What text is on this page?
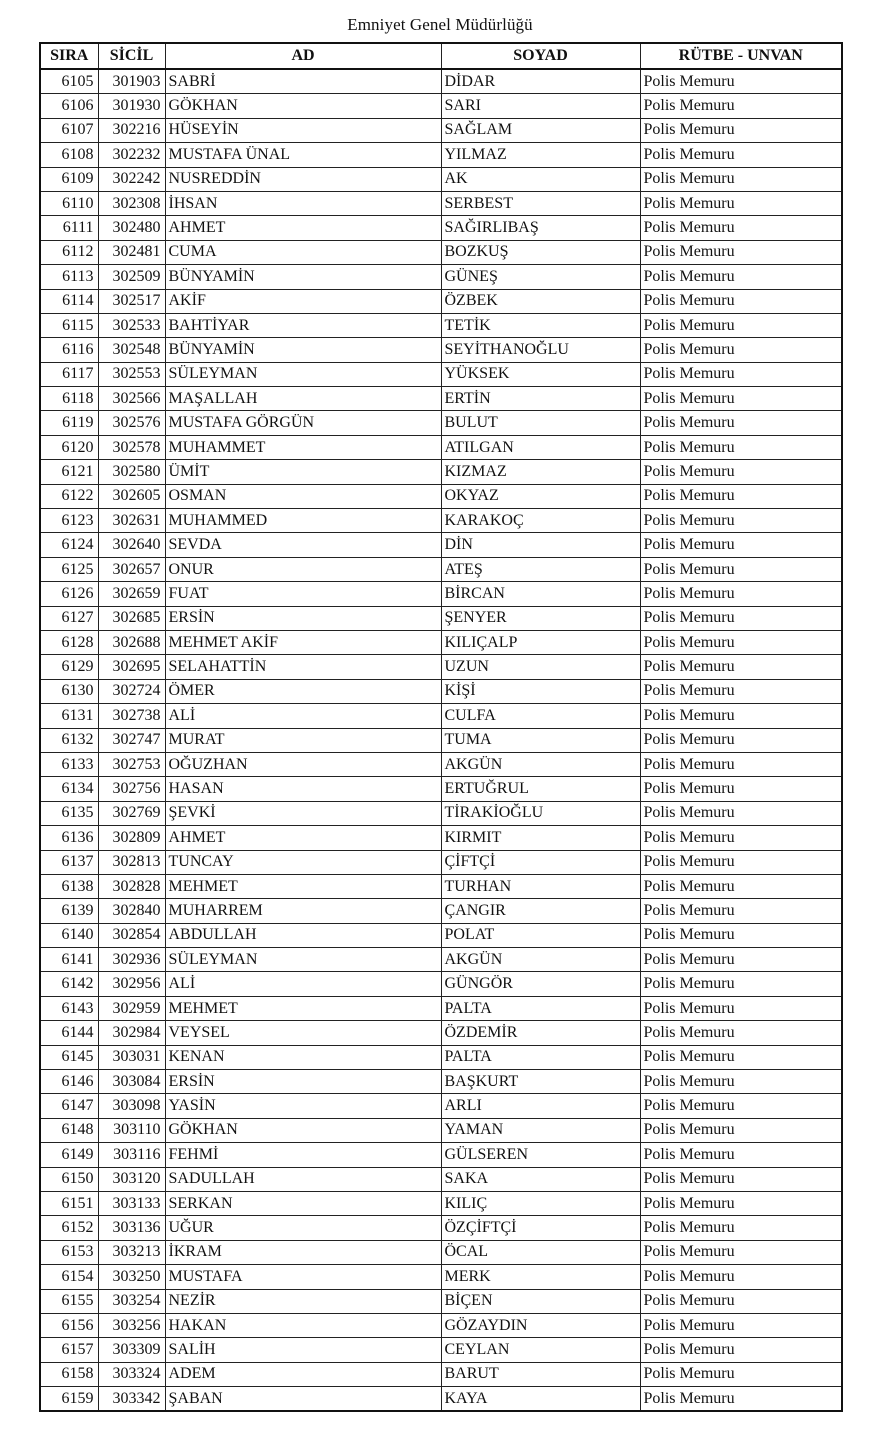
Emniyet Genel Müdürlüğü
SIRA	SİCİL	AD	SOYAD	RÜTBE - UNVAN
6105	301903	SABRİ	DİDAR	Polis Memuru
6106	301930	GÖKHAN	SARI	Polis Memuru
6107	302216	HÜSEYİN	SAĞLAM	Polis Memuru
6108	302232	MUSTAFA ÜNAL	YILMAZ	Polis Memuru
6109	302242	NUSREDDİN	AK	Polis Memuru
6110	302308	İHSAN	SERBEST	Polis Memuru
6111	302480	AHMET	SAĞIRLIBAŞ	Polis Memuru
6112	302481	CUMA	BOZKUŞ	Polis Memuru
6113	302509	BÜNYAMİN	GÜNEŞ	Polis Memuru
6114	302517	AKİF	ÖZBEK	Polis Memuru
6115	302533	BAHTİYAR	TETİK	Polis Memuru
6116	302548	BÜNYAMİN	SEYİTHANOĞLU	Polis Memuru
6117	302553	SÜLEYMAN	YÜKSEK	Polis Memuru
6118	302566	MAŞALLAH	ERTİN	Polis Memuru
6119	302576	MUSTAFA GÖRGÜN	BULUT	Polis Memuru
6120	302578	MUHAMMET	ATILGAN	Polis Memuru
6121	302580	ÜMİT	KIZMAZ	Polis Memuru
6122	302605	OSMAN	OKYAZ	Polis Memuru
6123	302631	MUHAMMED	KARAKOÇ	Polis Memuru
6124	302640	SEVDA	DİN	Polis Memuru
6125	302657	ONUR	ATEŞ	Polis Memuru
6126	302659	FUAT	BİRCAN	Polis Memuru
6127	302685	ERSİN	ŞENYER	Polis Memuru
6128	302688	MEHMET AKİF	KILIÇALP	Polis Memuru
6129	302695	SELAHATTİN	UZUN	Polis Memuru
6130	302724	ÖMER	KİŞİ	Polis Memuru
6131	302738	ALİ	CULFA	Polis Memuru
6132	302747	MURAT	TUMA	Polis Memuru
6133	302753	OĞUZHAN	AKGÜN	Polis Memuru
6134	302756	HASAN	ERTUĞRUL	Polis Memuru
6135	302769	ŞEVKİ	TİRAKİOĞLU	Polis Memuru
6136	302809	AHMET	KIRMIT	Polis Memuru
6137	302813	TUNCAY	ÇİFTÇİ	Polis Memuru
6138	302828	MEHMET	TURHAN	Polis Memuru
6139	302840	MUHARREM	ÇANGIR	Polis Memuru
6140	302854	ABDULLAH	POLAT	Polis Memuru
6141	302936	SÜLEYMAN	AKGÜN	Polis Memuru
6142	302956	ALİ	GÜNGÖR	Polis Memuru
6143	302959	MEHMET	PALTA	Polis Memuru
6144	302984	VEYSEL	ÖZDEMİR	Polis Memuru
6145	303031	KENAN	PALTA	Polis Memuru
6146	303084	ERSİN	BAŞKURT	Polis Memuru
6147	303098	YASİN	ARLI	Polis Memuru
6148	303110	GÖKHAN	YAMAN	Polis Memuru
6149	303116	FEHMİ	GÜLSEREN	Polis Memuru
6150	303120	SADULLAH	SAKA	Polis Memuru
6151	303133	SERKAN	KILIÇ	Polis Memuru
6152	303136	UĞUR	ÖZÇİFTÇİ	Polis Memuru
6153	303213	İKRAM	ÖCAL	Polis Memuru
6154	303250	MUSTAFA	MERK	Polis Memuru
6155	303254	NEZİR	BİÇEN	Polis Memuru
6156	303256	HAKAN	GÖZAYDIN	Polis Memuru
6157	303309	SALİH	CEYLAN	Polis Memuru
6158	303324	ADEM	BARUT	Polis Memuru
6159	303342	ŞABAN	KAYA	Polis Memuru
